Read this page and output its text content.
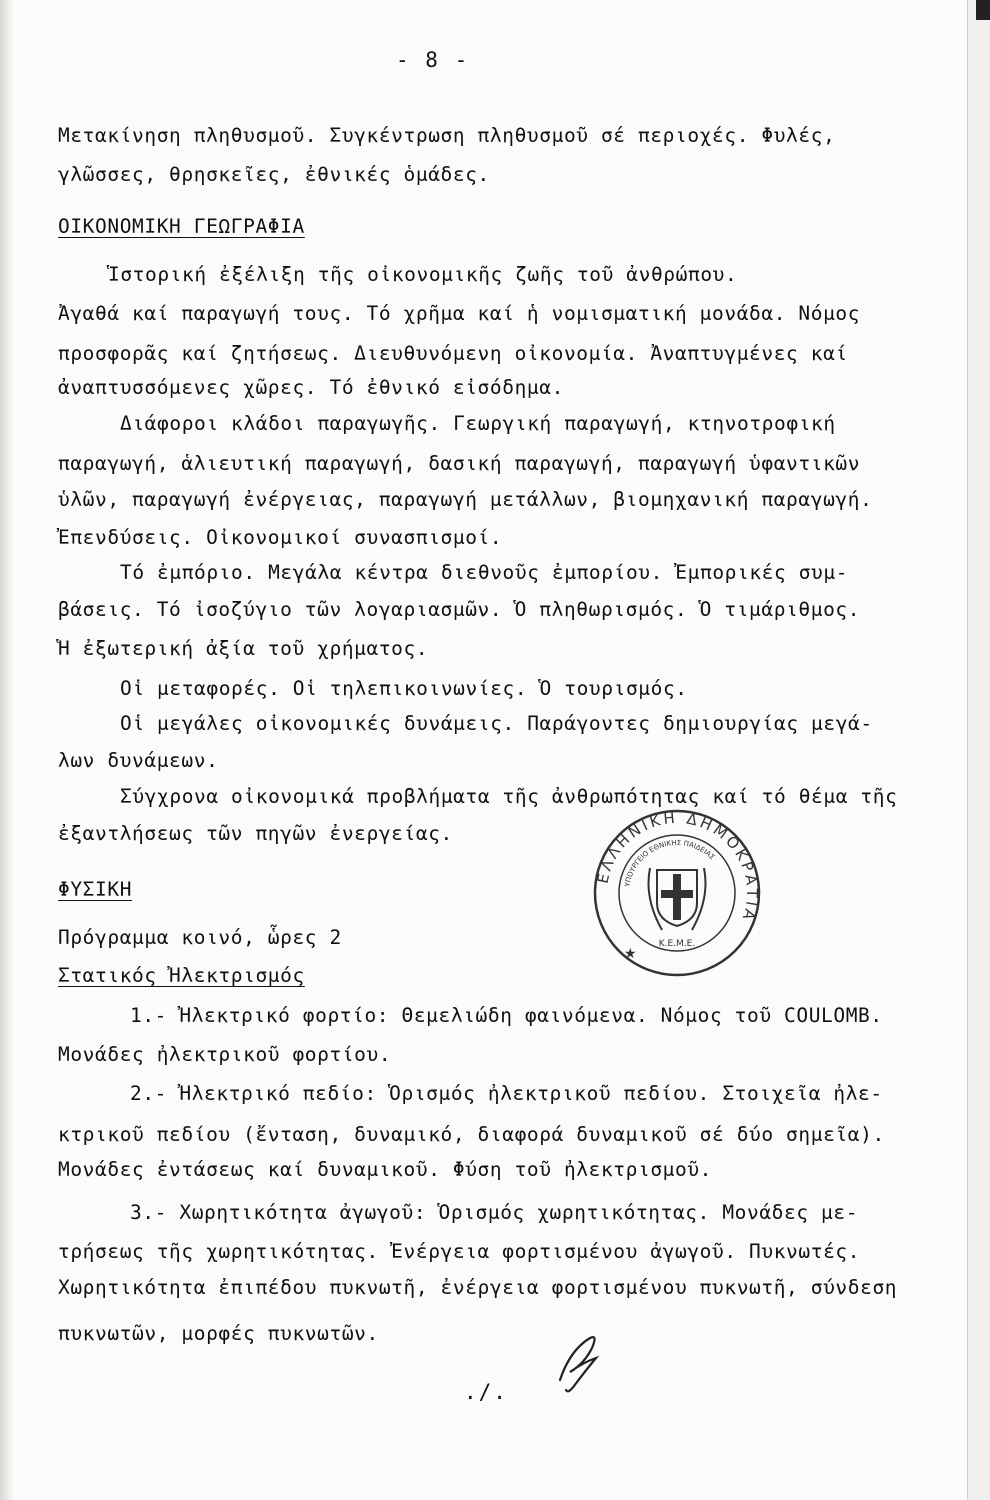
- 8 -
Μετακίνηση πληθυσμοῦ. Συγκέντρωση πληθυσμοῦ σέ περιοχές. Φυλές,
γλῶσσες, θρησκεῖες, ἐθνικές ὁμάδες.
ΟΙΚΟΝΟΜΙΚΗ ΓΕΩΓΡΑΦΙΑ
Ἱστορική ἐξέλιξη τῆς οἰκονομικῆς ζωῆς τοῦ ἀνθρώπου.
Ἀγαθά καί παραγωγή τους. Τό χρῆμα καί ἡ νομισματική μονάδα. Νόμος
προσφορᾶς καί ζητήσεως. Διευθυνόμενη οἰκονομία. Ἀναπτυγμένες καί
ἀναπτυσσόμενες χῶρες. Τό ἐθνικό εἰσόδημα.
Διάφοροι κλάδοι παραγωγῆς. Γεωργική παραγωγή, κτηνοτροφική
παραγωγή, ἁλιευτική παραγωγή, δασική παραγωγή, παραγωγή ὑφαντικῶν
ὑλῶν, παραγωγή ἐνέργειας, παραγωγή μετάλλων, βιομηχανική παραγωγή.
Ἐπενδύσεις. Οἰκονομικοί συνασπισμοί.
Τό ἐμπόριο. Μεγάλα κέντρα διεθνοῦς ἐμπορίου. Ἐμπορικές συμ-
βάσεις. Τό ἰσοζύγιο τῶν λογαριασμῶν. Ὁ πληθωρισμός. Ὁ τιμάριθμος.
Ἡ ἐξωτερική ἀξία τοῦ χρήματος.
Οἱ μεταφορές. Οἱ τηλεπικοινωνίες. Ὁ τουρισμός.
Οἱ μεγάλες οἰκονομικές δυνάμεις. Παράγοντες δημιουργίας μεγά-
λων δυνάμεων.
Σύγχρονα οἰκονομικά προβλήματα τῆς ἀνθρωπότητας καί τό θέμα τῆς
ἐξαντλήσεως τῶν πηγῶν ἐνεργείας.
ΦΥΣΙΚΗ
Πρόγραμμα κοινό, ὧρες 2
Στατικός Ἠλεκτρισμός
1.- Ἠλεκτρικό φορτίο: Θεμελιώδη φαινόμενα. Νόμος τοῦ COULOMB.
Μονάδες ἠλεκτρικοῦ φορτίου.
2.- Ἠλεκτρικό πεδίο: Ὁρισμός ἠλεκτρικοῦ πεδίου. Στοιχεῖα ἠλε-
κτρικοῦ πεδίου (ἔνταση, δυναμικό, διαφορά δυναμικοῦ σέ δύο σημεῖα).
Μονάδες ἐντάσεως καί δυναμικοῦ. Φύση τοῦ ἠλεκτρισμοῦ.
3.- Χωρητικότητα ἀγωγοῦ: Ὁρισμός χωρητικότητας. Μονάδες με-
τρήσεως τῆς χωρητικότητας. Ἐνέργεια φορτισμένου ἀγωγοῦ. Πυκνωτές.
Χωρητικότητα ἐπιπέδου πυκνωτῆ, ἐνέργεια φορτισμένου πυκνωτῆ, σύνδεση
πυκνωτῶν, μορφές πυκνωτῶν.
./.
ΕΛΛΗΝΙΚΗ ΔΗΜΟΚΡΑΤΙΑ
ΥΠΟΥΡΓΕΙΟ ΕΘΝΙΚΗΣ ΠΑΙΔΕΙΑΣ
Κ.Ε.Μ.Ε.
★
